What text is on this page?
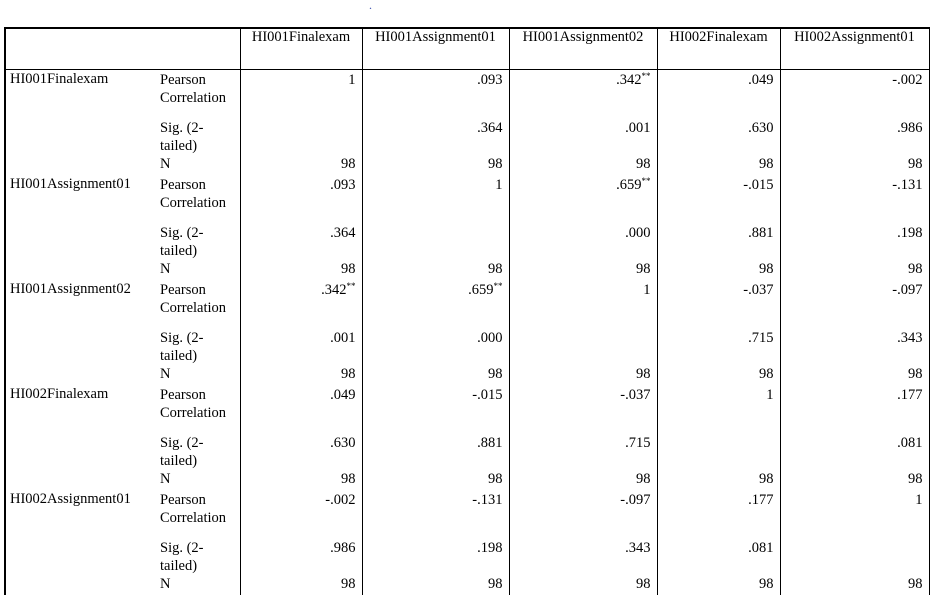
.
		HI001Finalexam	HI001Assignment01	HI001Assignment02	HI002Finalexam	HI002Assignment01
HI001Finalexam	Pearson Correlation	1	.093	.342**	.049	-.002
	Sig. (2-tailed)		.364	.001	.630	.986
	N	98	98	98	98	98
HI001Assignment01	Pearson Correlation	.093	1	.659**	-.015	-.131
	Sig. (2-tailed)	.364		.000	.881	.198
	N	98	98	98	98	98
HI001Assignment02	Pearson Correlation	.342**	.659**	1	-.037	-.097
	Sig. (2-tailed)	.001	.000		.715	.343
	N	98	98	98	98	98
HI002Finalexam	Pearson Correlation	.049	-.015	-.037	1	.177
	Sig. (2-tailed)	.630	.881	.715		.081
	N	98	98	98	98	98
HI002Assignment01	Pearson Correlation	-.002	-.131	-.097	.177	1
	Sig. (2-tailed)	.986	.198	.343	.081	
	N	98	98	98	98	98
